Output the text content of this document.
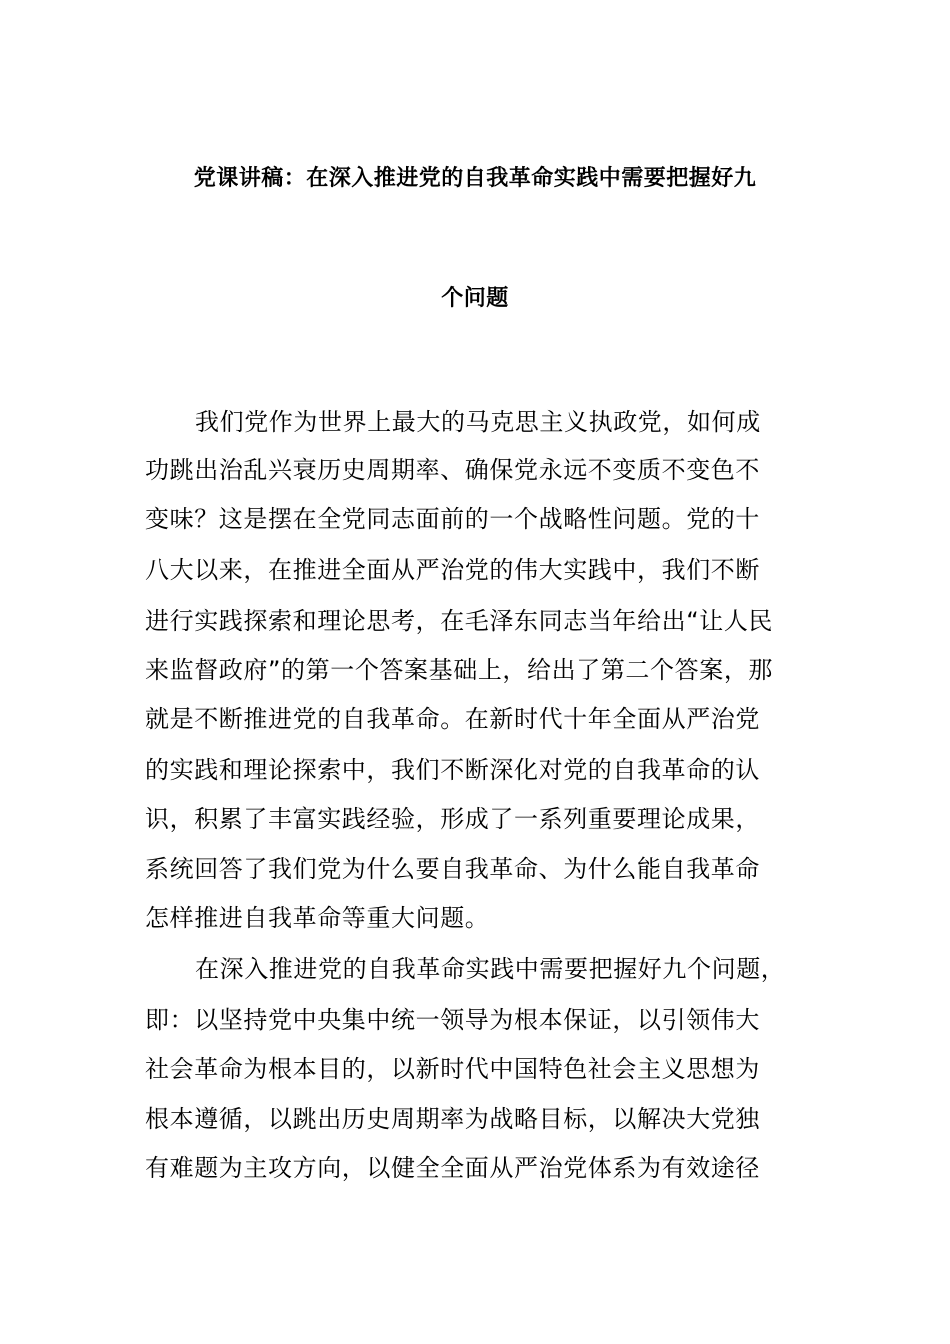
党课讲稿：在深入推进党的自我革命实践中需要把握好九
个问题
我们党作为世界上最大的马克思主义执政党，如何成
功跳出治乱兴衰历史周期率、确保党永远不变质不变色不
变味？这是摆在全党同志面前的一个战略性问题。党的十
八大以来，在推进全面从严治党的伟大实践中，我们不断
进行实践探索和理论思考，在毛泽东同志当年给出“让人民
来监督政府”的第一个答案基础上，给出了第二个答案，那
就是不断推进党的自我革命。在新时代十年全面从严治党
的实践和理论探索中，我们不断深化对党的自我革命的认
识，积累了丰富实践经验，形成了一系列重要理论成果，
系统回答了我们党为什么要自我革命、为什么能自我革命
怎样推进自我革命等重大问题。
在深入推进党的自我革命实践中需要把握好九个问题，
即：以坚持党中央集中统一领导为根本保证，以引领伟大
社会革命为根本目的，以新时代中国特色社会主义思想为
根本遵循，以跳出历史周期率为战略目标，以解决大党独
有难题为主攻方向，以健全全面从严治党体系为有效途径
